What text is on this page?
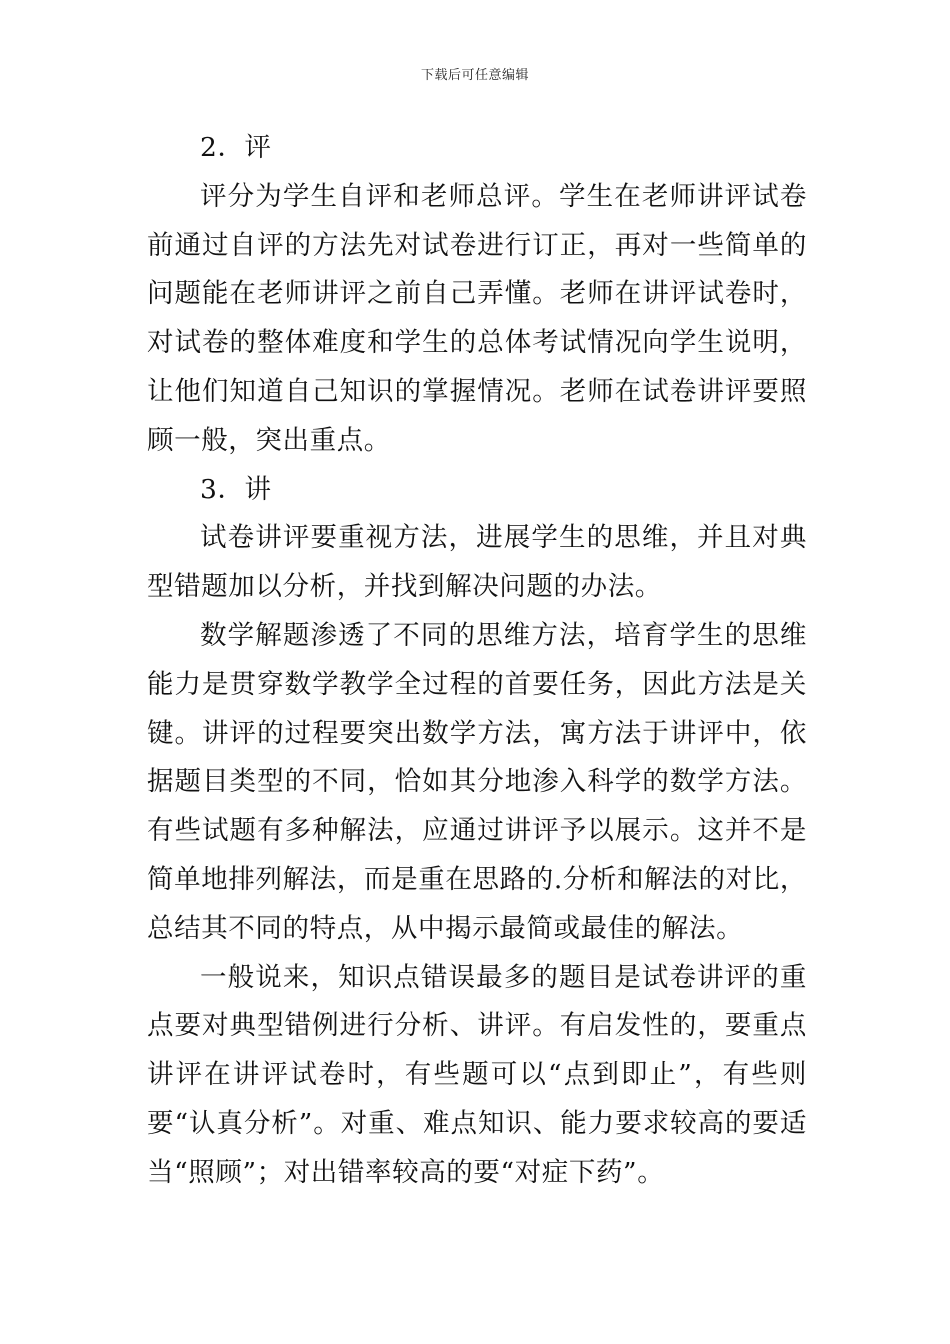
下载后可任意编辑

2．评

评分为学生自评和老师总评。学生在老师讲评试卷前通过自评的方法先对试卷进行订正，再对一些简单的问题能在老师讲评之前自己弄懂。老师在讲评试卷时，对试卷的整体难度和学生的总体考试情况向学生说明，让他们知道自己知识的掌握情况。老师在试卷讲评要照顾一般，突出重点。

3．讲

试卷讲评要重视方法，进展学生的思维，并且对典型错题加以分析，并找到解决问题的办法。

数学解题渗透了不同的思维方法，培育学生的思维能力是贯穿数学教学全过程的首要任务，因此方法是关键。讲评的过程要突出数学方法，寓方法于讲评中，依据题目类型的不同，恰如其分地渗入科学的数学方法。有些试题有多种解法，应通过讲评予以展示。这并不是简单地排列解法，而是重在思路的.分析和解法的对比，总结其不同的特点，从中揭示最简或最佳的解法。

一般说来，知识点错误最多的题目是试卷讲评的重点要对典型错例进行分析、讲评。有启发性的，要重点讲评在讲评试卷时，有些题可以“点到即止”，有些则要“认真分析”。对重、难点知识、能力要求较高的要适当“照顾”；对出错率较高的要“对症下药”。
